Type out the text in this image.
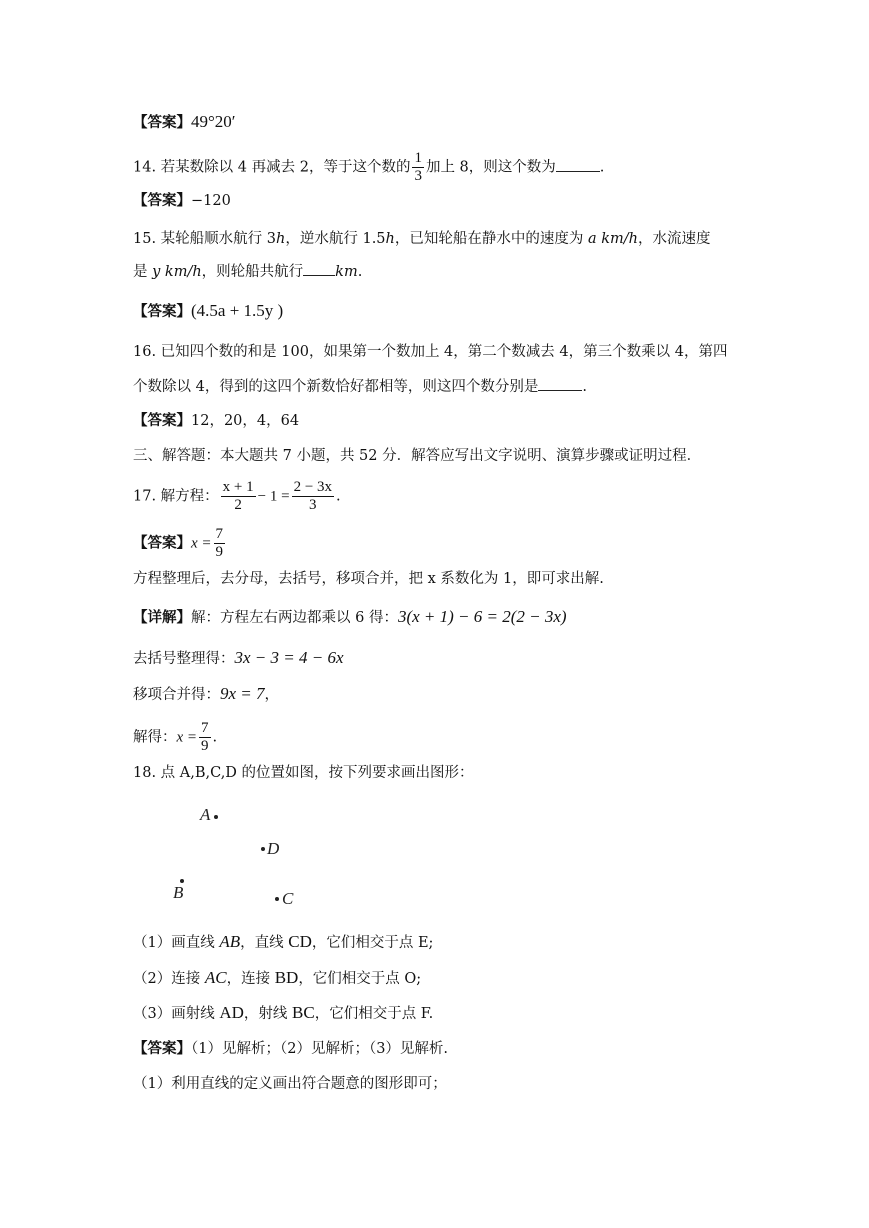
【答案】49°20′
14. 若某数除以 4 再减去 2，等于这个数的 $\frac{1}{3}$ 加上 8，则这个数为	.
【答案】−120
15. 某轮船顺水航行 3h，逆水航行 1.5h，已知轮船在静水中的速度为 a km/h，水流速度
是 y km/h，则轮船共航行 km.
【答案】(4.5a + 1.5y )
16. 已知四个数的和是 100，如果第一个数加上 4，第二个数减去 4，第三个数乘以 4，第四
个数除以 4，得到的这四个新数恰好都相等，则这四个数分别是	.
【答案】12，20，4，64
三、解答题：本大题共 7 小题，共 52 分．解答应写出文字说明、演算步骤或证明过程．
17. 解方程： $\frac{x + 1}{2} - 1 = \frac{2 - 3x}{3}$ .
【答案】$x = \frac{7}{9}$
方程整理后，去分母，去括号，移项合并，把 x 系数化为 1，即可求出解.
【详解】解：方程左右两边都乘以 6 得：3(x + 1) − 6 = 2(2 − 3x)
去括号整理得：3x − 3 = 4 − 6x
移项合并得：9x = 7，
解得：$x = \frac{7}{9}$ .
18. 点 A,B,C,D 的位置如图，按下列要求画出图形：
A
D
B	C
（1）画直线 AB，直线 CD，它们相交于点 E;
（2）连接 AC，连接 BD，它们相交于点 O;
（3）画射线 AD，射线 BC，它们相交于点 F.
【答案】（1）见解析；（2）见解析；（3）见解析.
（1）利用直线的定义画出符合题意的图形即可；
